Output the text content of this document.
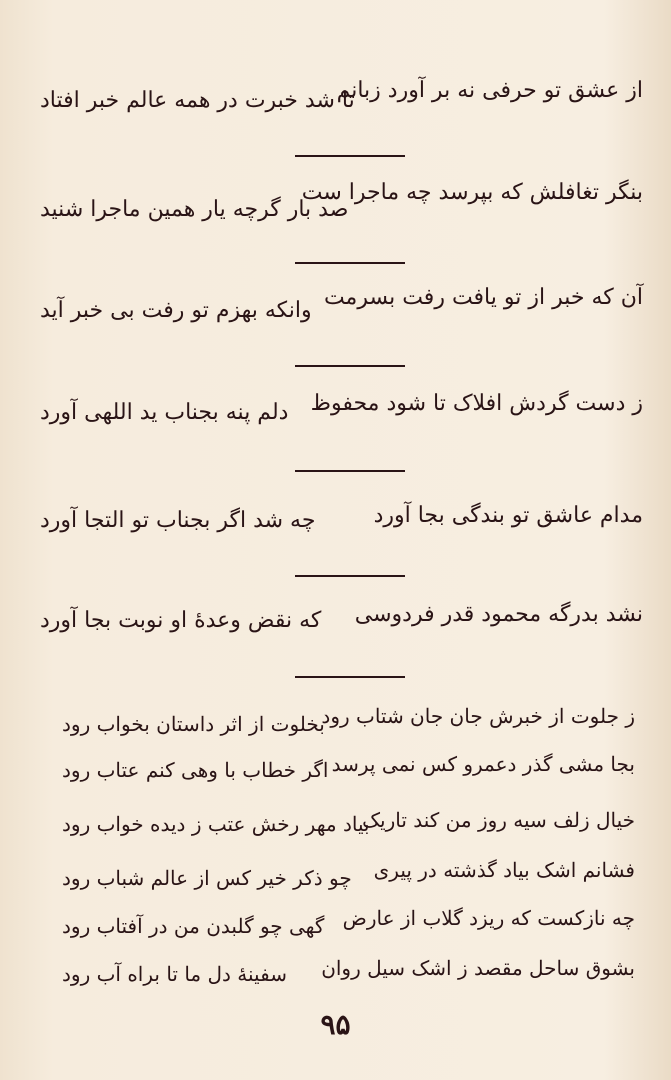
از عشق تو حرفی نه بر آورد زبانم
تا شد خبرت در همه عالم خبر افتاد
بنگر تغافلش که بپرسد چه ماجرا ست
صد بار گرچه یار همین ماجرا شنید
آن که خبر از تو یافت رفت بسرمت
وانکه بهزم تو رفت بی خبر آید
ز دست گردش افلاک تا شود محفوظ
دلم پنه بجناب ید اللهی آورد
مدام عاشق تو بندگی بجا آورد
چه شد اگر بجناب تو التجا آورد
نشد بدرگه محمود قدر فردوسی
که نقض وعدهٔ او نوبت بجا آورد
ز جلوت از خبرش جان جان شتاب رود
بخلوت از اثر داستان بخواب رود
بجا مشی گذر دعمرو کس نمی پرسد
اگر خطاب با وهی کنم عتاب رود
خیال زلف سیه روز من کند تاریک
بیاد مهر رخش عتب ز دیده خواب رود
فشانم اشک بیاد گذشته در پیری
چو ذکر خیر کس از عالم شباب رود
چه نازکست که ریزد گلاب از عارض
گهی چو گلبدن من در آفتاب رود
بشوق ساحل مقصد ز اشک سیل روان
سفینهٔ دل ما تا براه آب رود
۹۵
